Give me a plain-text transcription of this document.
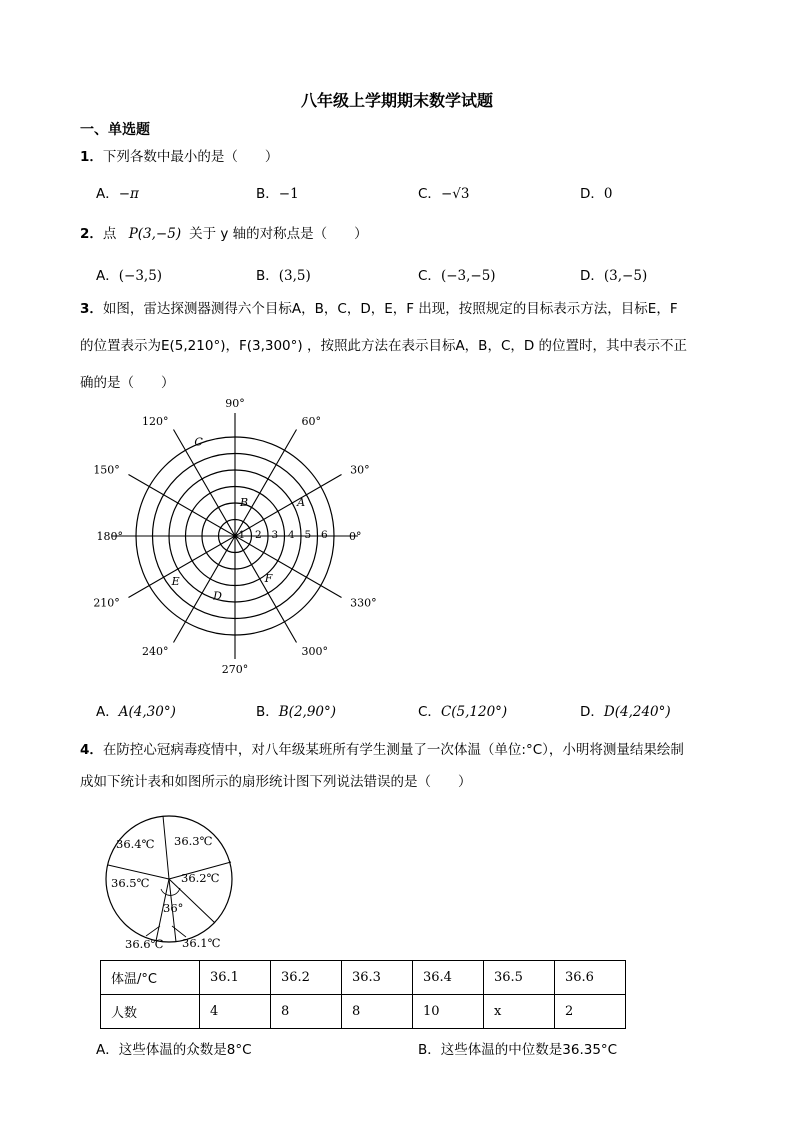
八年级上学期期末数学试题
一、单选题
1．下列各数中最小的是（　　）
A．−π	B．−1	C．−√3	D．0
2．点 P(3,−5) 关于 y 轴的对称点是（　　）
A．(−3,5)	B．(3,5)	C．(−3,−5)	D．(3,−5)
3．如图，雷达探测器测得六个目标A，B，C，D，E，F 出现，按照规定的目标表示方法，目标E，F
的位置表示为E(5,210°)，F(3,300°) ，按照此方法在表示目标A，B，C，D 的位置时，其中表示不正
确的是（　　）
0°
30°
60°
90°
120°
150°
180°
210°
240°
270°
300°
330°
1 2 3 4 5 6
A
B
C
D
E	F
A．A(4,30°)	B．B(2,90°)	C．C(5,120°)	D．D(4,240°)
4．在防控心冠病毒疫情中，对八年级某班所有学生测量了一次体温（单位:°C），小明将测量结果绘制
成如下统计表和如图所示的扇形统计图下列说法错误的是（　　）
36.4℃ 36.3℃
36.2℃
36.5℃
36°
36.6℃ 36.1℃
体温/°C	36.1	36.2	36.3	36.4	36.5	36.6
人数	4	8	8	10	x	2
A．这些体温的众数是8°C	B．这些体温的中位数是36.35°C
